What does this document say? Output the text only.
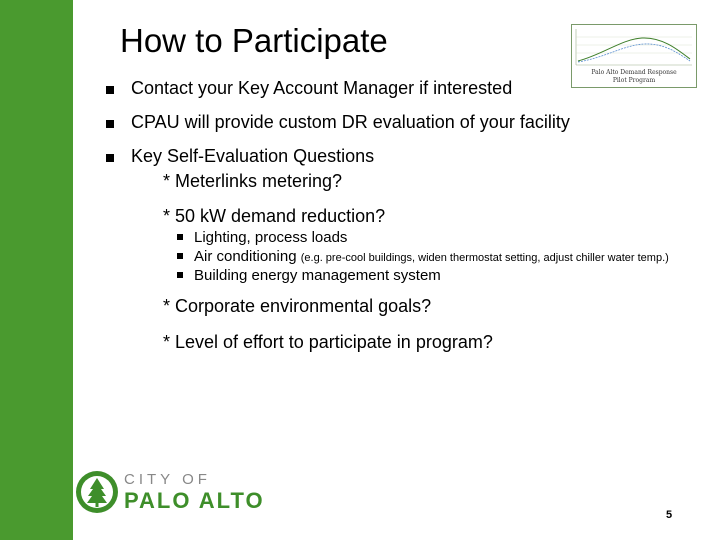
How to Participate
Palo Alto Demand Response
Pilot Program
Contact your Key Account Manager if interested
CPAU will provide custom DR evaluation of your facility
Key Self-Evaluation Questions
* Meterlinks metering?
* 50 kW demand reduction?
Lighting, process loads
Air conditioning (e.g. pre-cool buildings, widen thermostat setting, adjust chiller water temp.)
Building energy management system
* Corporate environmental goals?
* Level of effort to participate in program?
CITY OF
PALO ALTO
5
